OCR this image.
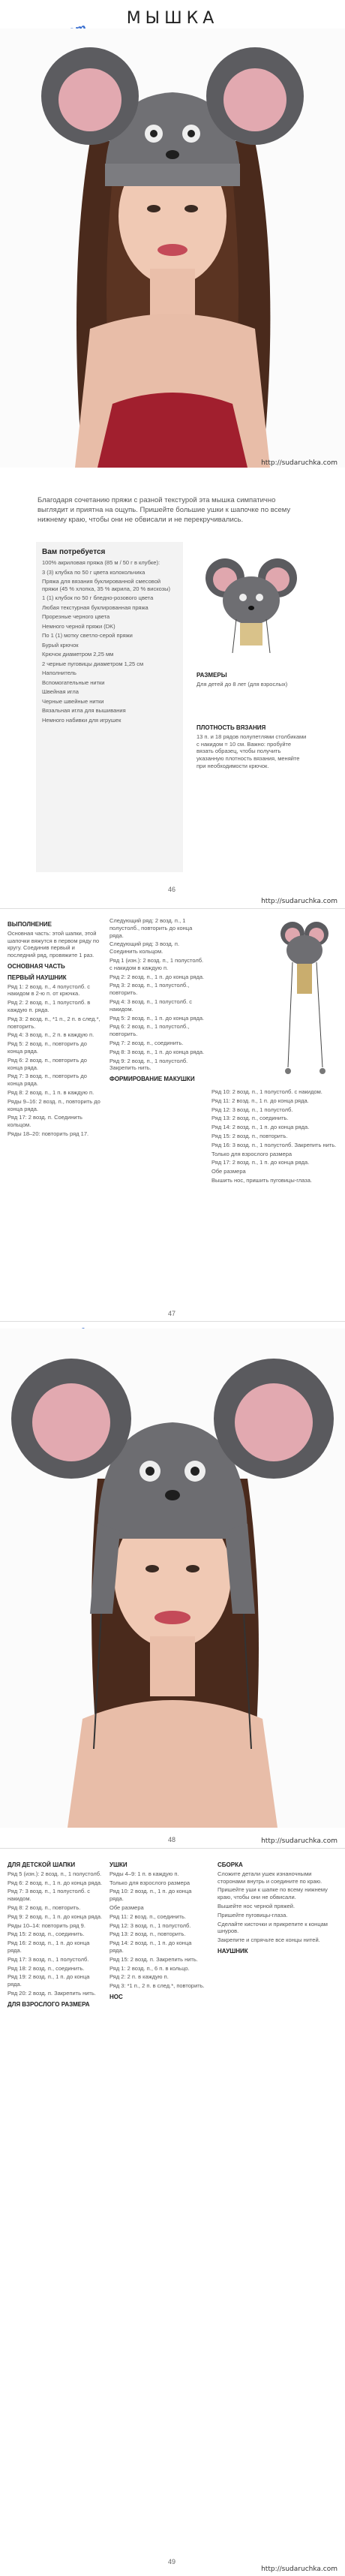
МЫШКА
http://sudaruchka.com

Благодаря сочетанию пряжи с разной текстурой эта мышка симпатично выглядит и приятна на ощупь. Пришейте большие ушки к шапочке по всему нижнему краю, чтобы они не обвисали и не перекручивались.

Вам потребуется

100% акриловая пряжа (85 м / 50 г в клубке):

3 (3) клубка по 50 г цвета колокольчика

Пряжа для вязания буклированной смесовой пряжи (45 % хлопка, 35 % акрила, 20 % вискозы)

1 (1) клубок по 50 г бледно-розового цвета

Любая текстурная буклированная пряжа

Прорезные черного цвета

Немного черной пряжи (DK)

По 1 (1) мотку светло-серой пряжи

Бурый крючок

Крючок диаметром 2,25 мм

2 черные пуговицы диаметром 1,25 см

Наполнитель

Вспомогательные нитки

Швейная игла

Черные швейные нитки

Вязальная игла для вышивания

Немного набивки для игрушек

РАЗМЕРЫ

Для детей до 8 лет (для взрослых)

ПЛОТНОСТЬ ВЯЗАНИЯ

13 п. и 18 рядов полупетлями столбиками с накидом = 10 см. Важно: пробуйте вязать образец, чтобы получить указанную плотность вязания, меняйте при необходимости крючок.

46
http://sudaruchka.com
ВЫПОЛНЕНИЕ

Основная часть: этой шапки, этой шапочки вяжутся в первом ряду по кругу. Соединив первый и последний ряд, провяжите 1 раз.

ОСНОВНАЯ ЧАСТЬ
ПЕРВЫЙ НАУШНИК

Ряд 1: 2 возд. п., 4 полустолб. с накидом в 2-ю п. от крючка.

Ряд 2: 2 возд. п., 1 полустолб. в каждую п. ряда.

Ряд 3: 2 возд. п., *1 п., 2 п. в след.*, повторить.

Ряд 4: 3 возд. п., 2 п. в каждую п.

Ряд 5: 2 возд. п., повторить до конца ряда.

Ряд 6: 2 возд. п., повторить до конца ряда.

Ряд 7: 3 возд. п., повторить до конца ряда.

Ряд 8: 2 возд. п., 1 п. в каждую п.

Ряды 9–16: 2 возд. п., повторить до конца ряда.

Ряд 17: 2 возд. п. Соединить кольцом.

Ряды 18–20: повторить ряд 17.

Следующий ряд: 2 возд. п., 1 полустолб., повторить до конца ряда.

Следующий ряд: 3 возд. п. Соединить кольцом.

Ряд 1 (изн.): 2 возд. п., 1 полустолб. с накидом в каждую п.

Ряд 2: 2 возд. п., 1 п. до конца ряда.

Ряд 3: 2 возд. п., 1 полустолб., повторить.

Ряд 4: 3 возд. п., 1 полустолб. с накидом.

Ряд 5: 2 возд. п., 1 п. до конца ряда.

Ряд 6: 2 возд. п., 1 полустолб., повторить.

Ряд 7: 2 возд. п., соединить.

Ряд 8: 3 возд. п., 1 п. до конца ряда.

Ряд 9: 2 возд. п., 1 полустолб. Закрепить нить.

ФОРМИРОВАНИЕ МАКУШКИ

Ряд 10: 2 возд. п., 1 полустолб. с накидом.

Ряд 11: 2 возд. п., 1 п. до конца ряда.

Ряд 12: 3 возд. п., 1 полустолб.

Ряд 13: 2 возд. п., соединить.

Ряд 14: 2 возд. п., 1 п. до конца ряда.

Ряд 15: 2 возд. п., повторить.

Ряд 16: 3 возд. п., 1 полустолб. Закрепить нить.

Только для взрослого размера

Ряд 17: 2 возд. п., 1 п. до конца ряда.

Обе размера

Вышить нос, пришить пуговицы-глаза.

47
http://sudaruchka.com
48
ДЛЯ ДЕТСКОЙ ШАПКИ

Ряд 5 (изн.): 2 возд. п., 1 полустолб.

Ряд 6: 2 возд. п., 1 п. до конца ряда.

Ряд 7: 3 возд. п., 1 полустолб. с накидом.

Ряд 8: 2 возд. п., повторить.

Ряд 9: 2 возд. п., 1 п. до конца ряда.

Ряды 10–14: повторить ряд 9.

Ряд 15: 2 возд. п., соединить.

Ряд 16: 2 возд. п., 1 п. до конца ряда.

Ряд 17: 3 возд. п., 1 полустолб.

Ряд 18: 2 возд. п., соединить.

Ряд 19: 2 возд. п., 1 п. до конца ряда.

Ряд 20: 2 возд. п. Закрепить нить.

ДЛЯ ВЗРОСЛОГО РАЗМЕРА
УШКИ

Ряды 4–9: 1 п. в каждую п.

Только для взрослого размера

Ряд 10: 2 возд. п., 1 п. до конца ряда.

Обе размера

Ряд 11: 2 возд. п., соединить.

Ряд 12: 3 возд. п., 1 полустолб.

Ряд 13: 2 возд. п., повторить.

Ряд 14: 2 возд. п., 1 п. до конца ряда.

Ряд 15: 2 возд. п. Закрепить нить.

Ряд 1: 2 возд. п., 6 п. в кольцо.

Ряд 2: 2 п. в каждую п.

Ряд 3: *1 п., 2 п. в след.*, повторить.

НОС
СБОРКА

Сложите детали ушек изнаночными сторонами внутрь и соедините по краю.

Пришейте уши к шапке по всему нижнему краю, чтобы они не обвисали.

Вышейте нос черной пряжей.

Пришейте пуговицы-глаза.

Сделайте кисточки и прикрепите к концам шнуров.

Закрепите и спрячьте все концы нитей.

НАУШНИК
49
http://sudaruchka.com
